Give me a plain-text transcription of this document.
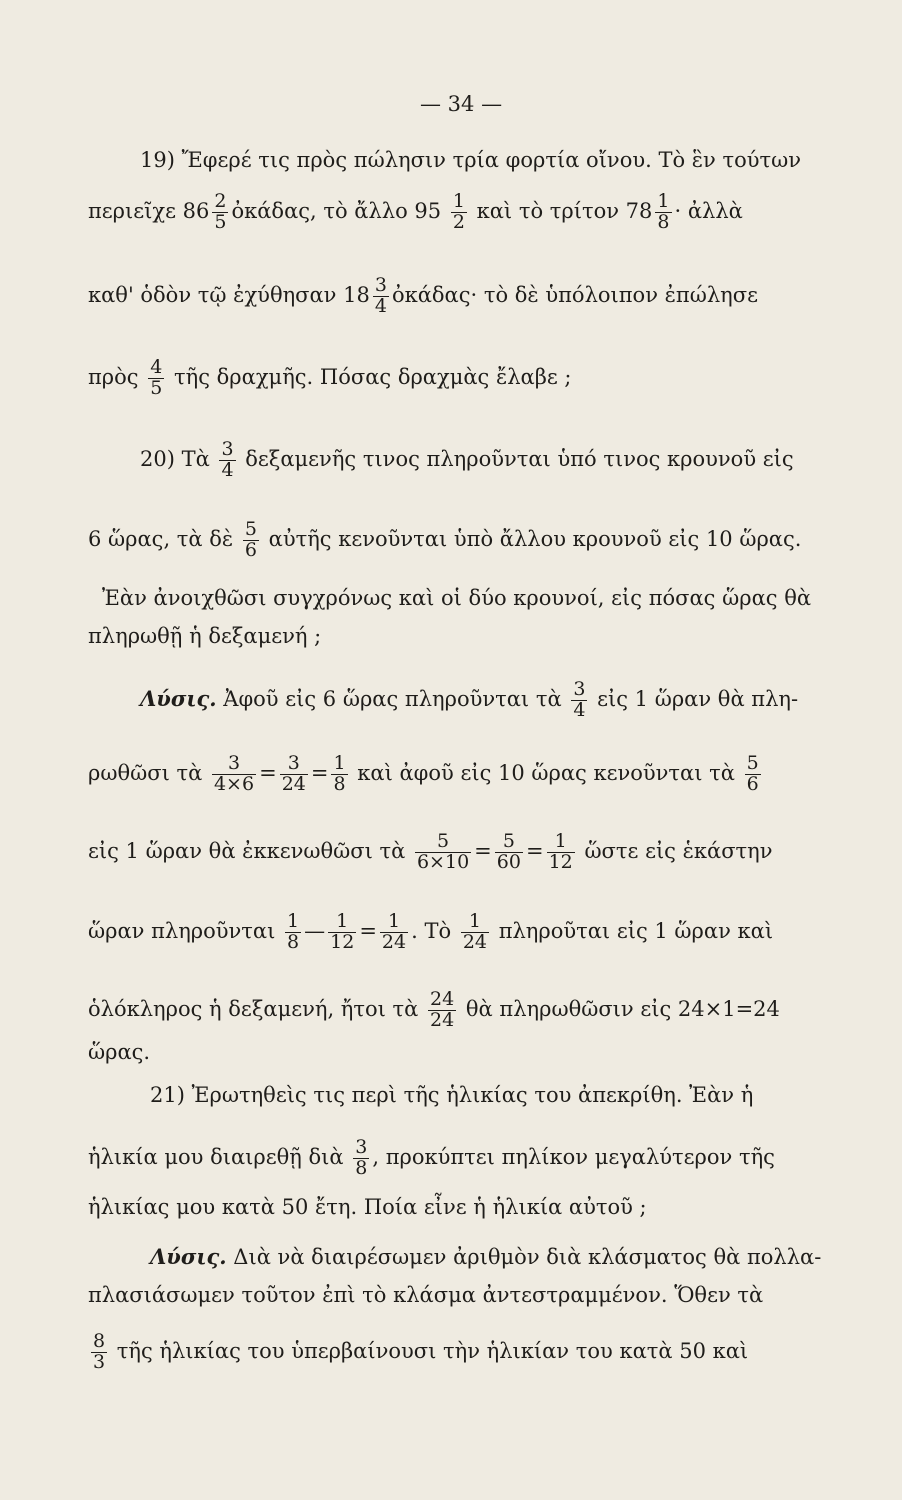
— 34 —
19) Ἔφερέ τις πρὸς πώλησιν τρία φορτία οἴνου. Τὸ ἓν τούτων
περιεῖχε $86 \frac{2}{5}$ ὀκάδας, τὸ ἄλλο $95 \frac{1}{2}$ καὶ τὸ τρίτον $78 \frac{1}{8}$ · ἀλλὰ
καθ' ὁδὸν τῷ ἐχύθησαν $18 \frac{3}{4}$ ὀκάδας· τὸ δὲ ὑπόλοιπον ἐπώλησε
πρὸς $\frac{4}{5}$ τῆς δραχμῆς. Πόσας δραχμὰς ἔλαβε ;
20) Τὰ $\frac{3}{4}$ δεξαμενῆς τινος πληροῦνται ὑπό τινος κρουνοῦ εἰς
6 ὥρας, τὰ δὲ $\frac{5}{6}$ αὐτῆς κενοῦνται ὑπὸ ἄλλου κρουνοῦ εἰς 10 ὥρας.
Ἐὰν ἀνοιχθῶσι συγχρόνως καὶ οἱ δύο κρουνοί, εἰς πόσας ὥρας θὰ
πληρωθῇ ἡ δεξαμενή ;
Λύσις. Ἀφοῦ εἰς 6 ὥρας πληροῦνται τὰ $\frac{3}{4}$ εἰς 1 ὥραν θὰ πλη-
ρωθῶσι τὰ $\frac{3}{4\times 6} = \frac{3}{24} = \frac{1}{8}$ καὶ ἀφοῦ εἰς 10 ὥρας κενοῦνται τὰ $\frac{5}{6}$
εἰς 1 ὥραν θὰ ἐκκενωθῶσι τὰ $\frac{5}{6\times 10} = \frac{5}{60} = \frac{1}{12}$ ὥστε εἰς ἑκάστην
ὥραν πληροῦνται $\frac{1}{8}$ — $\frac{1}{12} = \frac{1}{24}$ . Τὸ $\frac{1}{24}$ πληροῦται εἰς 1 ὥραν καὶ
ὁλόκληρος ἡ δεξαμενή, ἤτοι τὰ $\frac{24}{24}$ θὰ πληρωθῶσιν εἰς 24×1=24
ὥρας.
21) Ἐρωτηθεὶς τις περὶ τῆς ἡλικίας του ἀπεκρίθη. Ἐὰν ἡ
ἡλικία μου διαιρεθῇ διὰ $\frac{3}{8}$ , προκύπτει πηλίκον μεγαλύτερον τῆς
ἡλικίας μου κατὰ 50 ἔτη. Ποία εἶνε ἡ ἡλικία αὐτοῦ ;
Λύσις. Διὰ νὰ διαιρέσωμεν ἀριθμὸν διὰ κλάσματος θὰ πολλα-
πλασιάσωμεν τοῦτον ἐπὶ τὸ κλάσμα ἀντεστραμμένον. Ὅθεν τὰ
$\frac{8}{3}$ τῆς ἡλικίας του ὑπερβαίνουσι τὴν ἡλικίαν του κατὰ 50 καὶ
